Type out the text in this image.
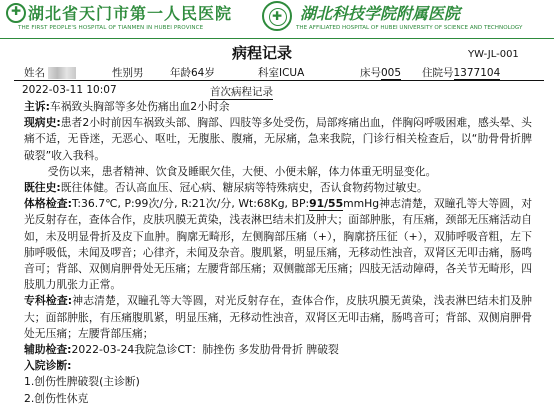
✚
湖北省天门市第一人民医院
THE FIRST PEOPLE'S HOSPITAL OF TIANMEN IN HUBEI PROVINCE
✚
湖北科技学院附属医院
THE AFFILIATED HOSPITAL OF HUBEI UNIVERSITY OF SCIENCE AND TECHNOLOGY
病程记录	YW-JL-001
姓名	性别男	年龄64岁	科室ICUA	床号005 住院号1377104
2022-03-11 10:07	首次病程记录

主诉:车祸致头胸部等多处伤痛出血2小时余

现病史:患者2小时前因车祸致头部、胸部、四肢等多处受伤，局部疼痛出血，伴胸闷呼吸困难，感头晕、头痛不适，无昏迷，无恶心、呕吐，无腹胀、腹痛，无尿痛，急来我院，门诊行相关检查后，以“肋骨骨折脾破裂”收入我科。

受伤以来，患者精神、饮食及睡眠欠佳，大便、小便未解，体力体重无明显变化。

既往史:既往体健。否认高血压、冠心病、糖尿病等特殊病史，否认食物药物过敏史。

体格检查:T:36.7℃, P:99次/分, R:21次/分, Wt:68Kg, BP:91/55mmHg神志清楚，双瞳孔等大等圆，对光反射存在，查体合作，皮肤巩膜无黄染，浅表淋巴结未扪及肿大；面部肿胀，有压痛，颈部无压痛活动自如，未及明显骨折及皮下血肿。胸廓无畸形，左侧胸部压痛（+），胸廓挤压征（+），双肺呼吸音粗，左下肺呼吸低，未闻及啰音；心律齐，未闻及杂音。腹肌紧，明显压痛，无移动性浊音，双肾区无叩击痛，肠鸣音可；背部、双侧肩胛骨处无压痛；左腰背部压痛；双侧髋部无压痛；四肢无活动障碍，各关节无畸形，四肢肌力肌张力正常。

专科检查:神志清楚，双瞳孔等大等圆，对光反射存在，查体合作，皮肤巩膜无黄染，浅表淋巴结未扪及肿大；面部肿胀，有压痛腹肌紧，明显压痛，无移动性浊音，双肾区无叩击痛，肠鸣音可；背部、双侧肩胛骨处无压痛；左腰背部压痛；

辅助检查:2022-03-24我院急诊CT：肺挫伤 多发肋骨骨折 脾破裂

入院诊断:

1.创伤性脾破裂(主诊断)

2.创伤性休克
